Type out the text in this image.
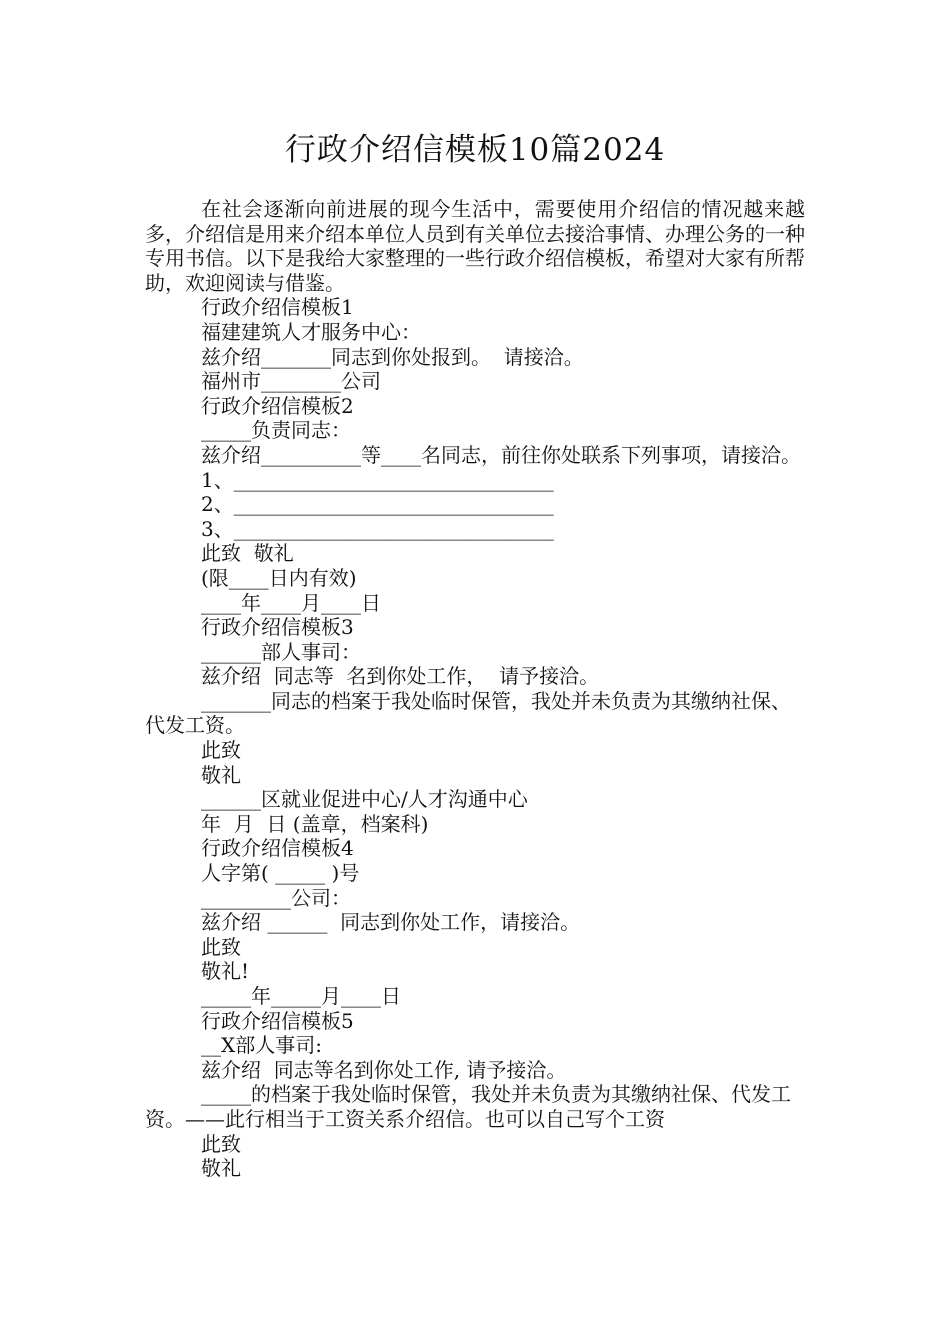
行政介绍信模板10篇2024

在社会逐渐向前进展的现今生活中，需要使用介绍信的情况越来越多，介绍信是用来介绍本单位人员到有关单位去接洽事情、办理公务的一种专用书信。以下是我给大家整理的一些行政介绍信模板，希望对大家有所帮助，欢迎阅读与借鉴。

行政介绍信模板1

福建建筑人才服务中心：

兹介绍_______同志到你处报到。  请接洽。

福州市________公司

行政介绍信模板2

_____负责同志：

兹介绍__________等____名同志，前往你处联系下列事项，请接洽。

1、________________________________

2、________________________________

3、________________________________

此致  敬礼

(限____日内有效)

____年____月____日

行政介绍信模板3

______部人事司：

兹介绍  同志等  名到你处工作，  请予接洽。

_______同志的档案于我处临时保管，我处并未负责为其缴纳社保、代发工资。

此致

敬礼

______区就业促进中心/人才沟通中心

年  月  日 (盖章，档案科)

行政介绍信模板4

人字第( _____ )号

_________公司：

兹介绍 ______  同志到你处工作，请接洽。

此致

敬礼!

_____年_____月____日

行政介绍信模板5

__X部人事司:

兹介绍  同志等名到你处工作, 请予接洽。

_____的档案于我处临时保管，我处并未负责为其缴纳社保、代发工资。——此行相当于工资关系介绍信。也可以自己写个工资

此致

敬礼
